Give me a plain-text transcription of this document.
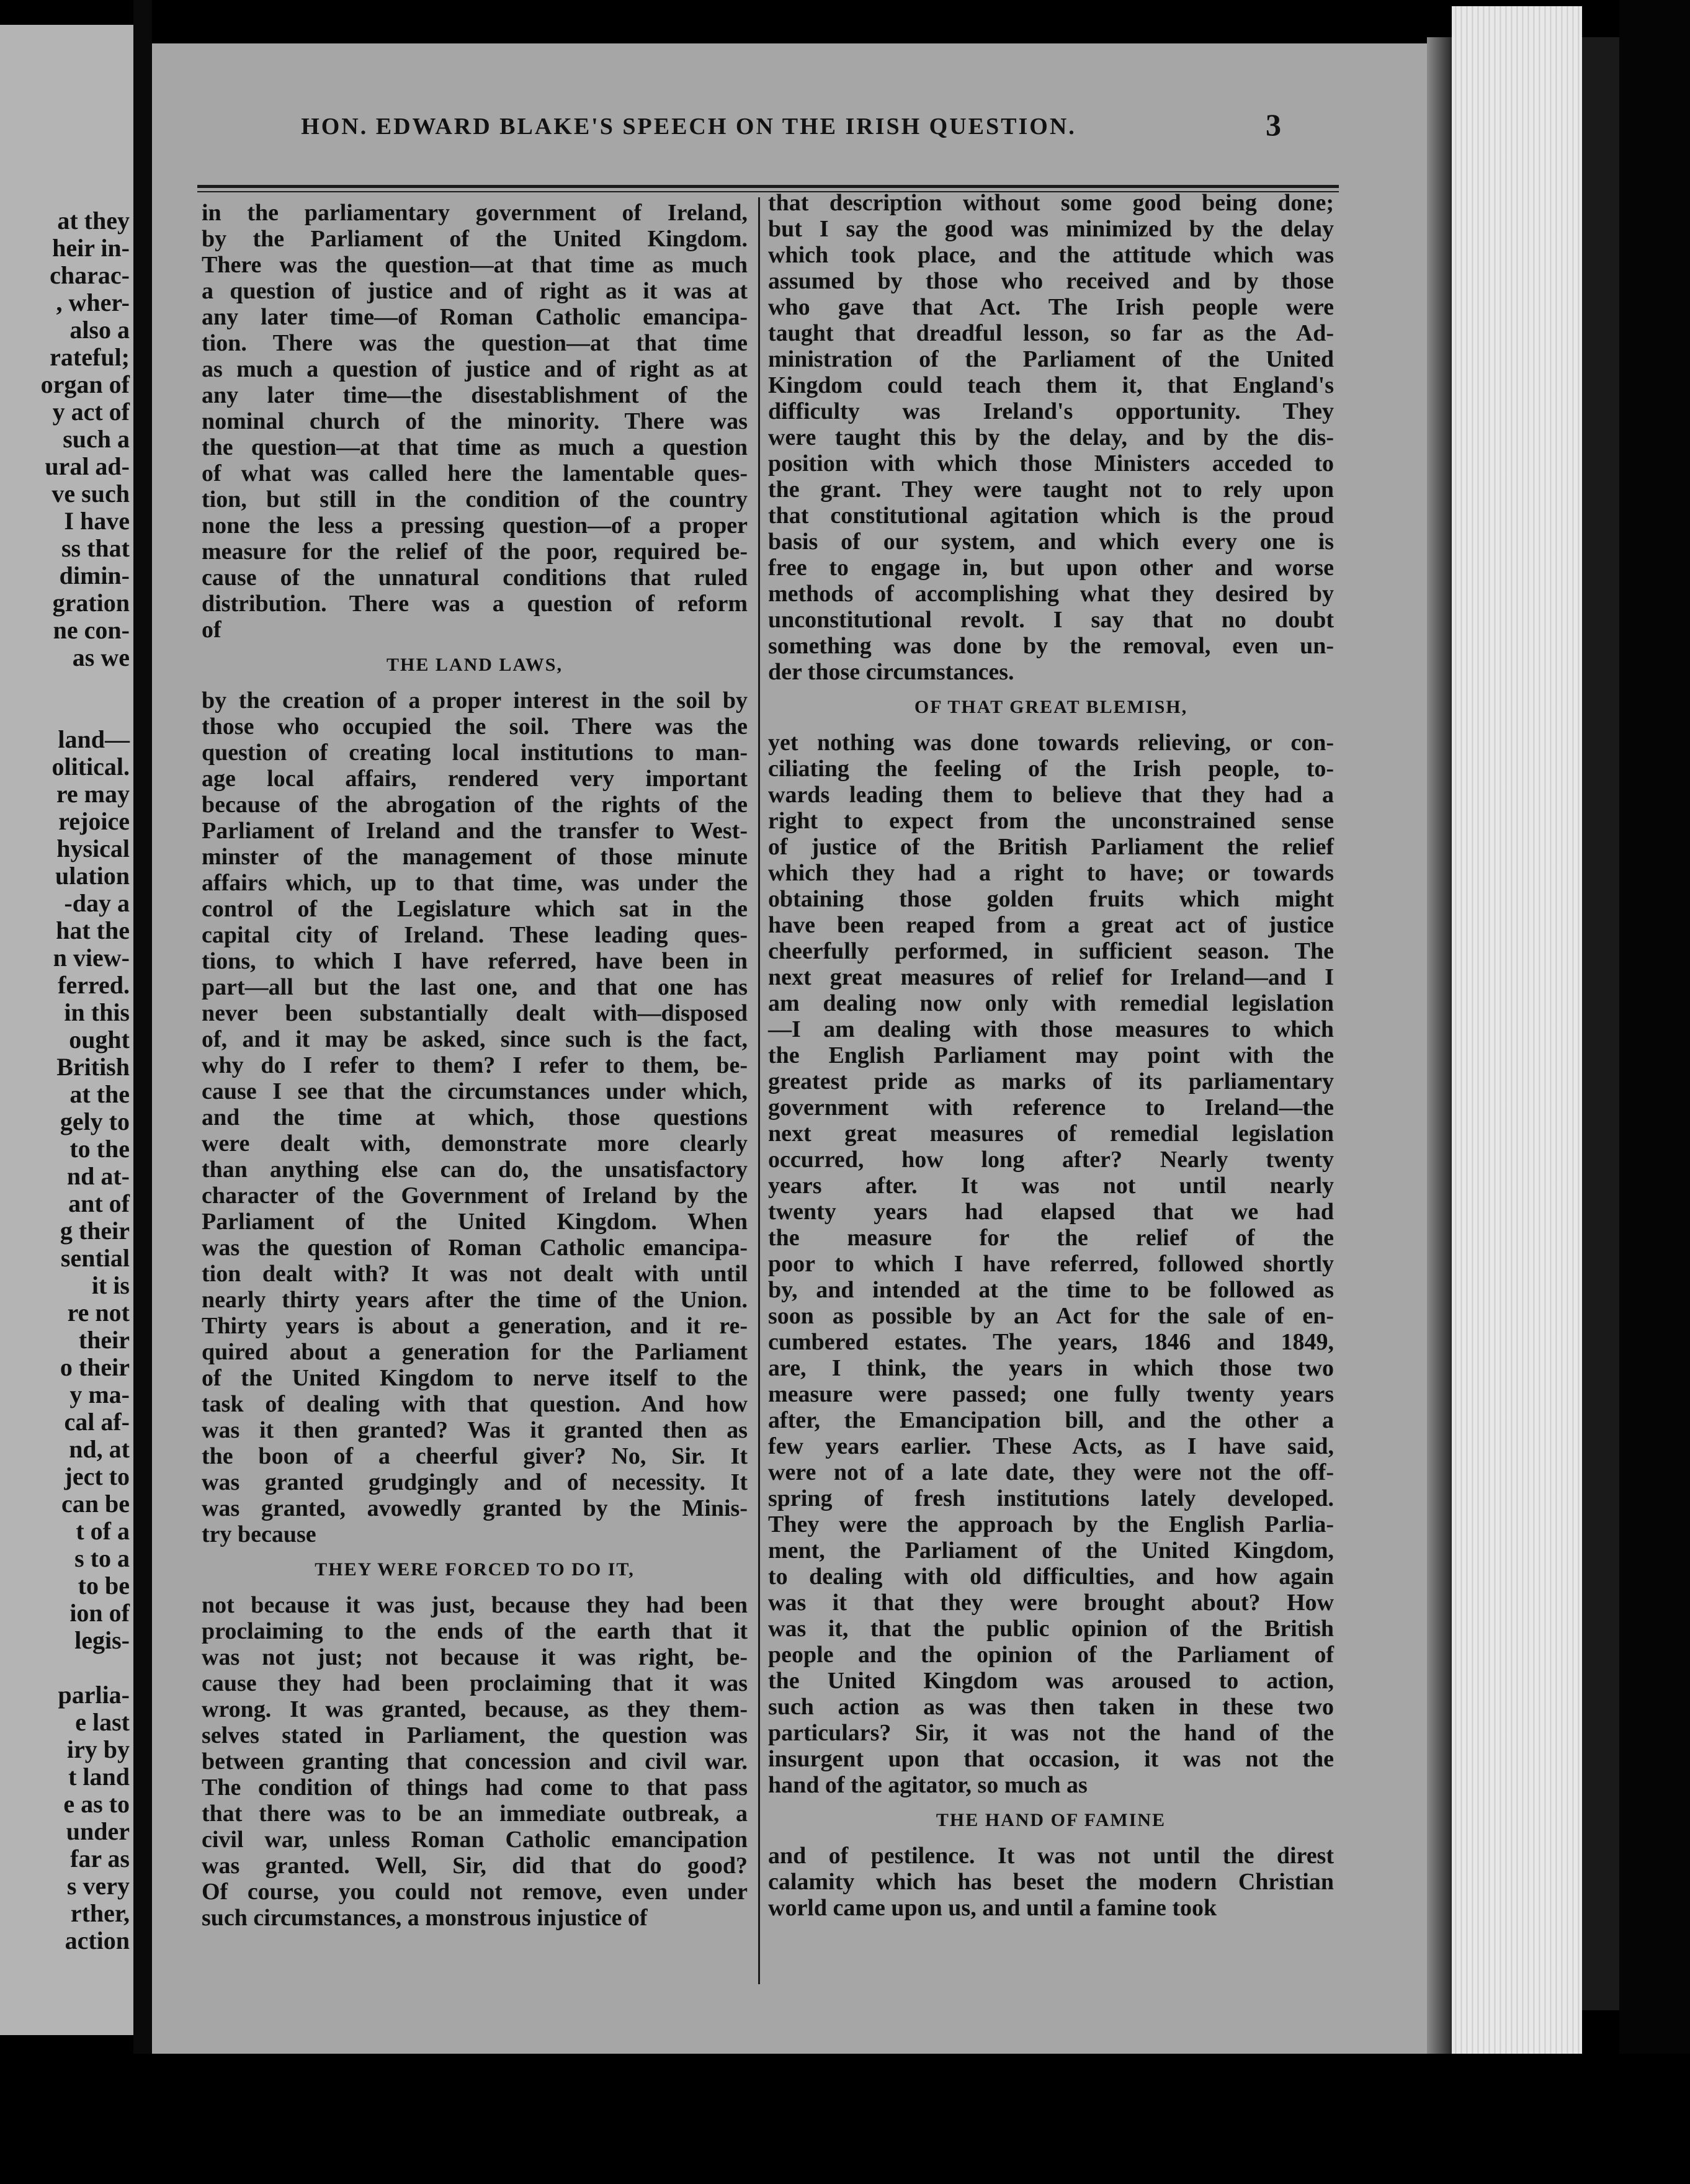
at they
heir in-
charac-
, wher-
also a
rateful;
organ of
y act of
such a
ural ad-
ve such
I have
ss that
dimin-
gration
ne con-
as we
land—
olitical.
re may
rejoice
hysical
ulation
-day a
hat the
n view-
ferred.
in this
ought
British
at the
gely to
to the
nd at-
ant of
g their
sential
it is
re not
their
o their
y ma-
cal af-
nd, at
ject to
can be
t of a
s to a
to be
ion of
legis-
parlia-
e last
iry by
t land
e as to
under
far as
s very
rther,
action
HON. EDWARD BLAKE'S SPEECH ON THE IRISH QUESTION.	3
in the parliamentary government of Ireland,
by the Parliament of the United Kingdom.
There was the question—at that time as much
a question of justice and of right as it was at
any later time—of Roman Catholic emancipa-
tion. There was the question—at that time
as much a question of justice and of right as at
any later time—the disestablishment of the
nominal church of the minority. There was
the question—at that time as much a question
of what was called here the lamentable ques-
tion, but still in the condition of the country
none the less a pressing question—of a proper
measure for the relief of the poor, required be-
cause of the unnatural conditions that ruled
distribution. There was a question of reform
of
THE LAND LAWS,
by the creation of a proper interest in the soil by
those who occupied the soil. There was the
question of creating local institutions to man-
age local affairs, rendered very important
because of the abrogation of the rights of the
Parliament of Ireland and the transfer to West-
minster of the management of those minute
affairs which, up to that time, was under the
control of the Legislature which sat in the
capital city of Ireland. These leading ques-
tions, to which I have referred, have been in
part—all but the last one, and that one has
never been substantially dealt with—disposed
of, and it may be asked, since such is the fact,
why do I refer to them? I refer to them, be-
cause I see that the circumstances under which,
and the time at which, those questions
were dealt with, demonstrate more clearly
than anything else can do, the unsatisfactory
character of the Government of Ireland by the
Parliament of the United Kingdom. When
was the question of Roman Catholic emancipa-
tion dealt with? It was not dealt with until
nearly thirty years after the time of the Union.
Thirty years is about a generation, and it re-
quired about a generation for the Parliament
of the United Kingdom to nerve itself to the
task of dealing with that question. And how
was it then granted? Was it granted then as
the boon of a cheerful giver? No, Sir. It
was granted grudgingly and of necessity. It
was granted, avowedly granted by the Minis-
try because
THEY WERE FORCED TO DO IT,
not because it was just, because they had been
proclaiming to the ends of the earth that it
was not just; not because it was right, be-
cause they had been proclaiming that it was
wrong. It was granted, because, as they them-
selves stated in Parliament, the question was
between granting that concession and civil war.
The condition of things had come to that pass
that there was to be an immediate outbreak, a
civil war, unless Roman Catholic emancipation
was granted. Well, Sir, did that do good?
Of course, you could not remove, even under
such circumstances, a monstrous injustice of
that description without some good being done;
but I say the good was minimized by the delay
which took place, and the attitude which was
assumed by those who received and by those
who gave that Act. The Irish people were
taught that dreadful lesson, so far as the Ad-
ministration of the Parliament of the United
Kingdom could teach them it, that England's
difficulty was Ireland's opportunity. They
were taught this by the delay, and by the dis-
position with which those Ministers acceded to
the grant. They were taught not to rely upon
that constitutional agitation which is the proud
basis of our system, and which every one is
free to engage in, but upon other and worse
methods of accomplishing what they desired by
unconstitutional revolt. I say that no doubt
something was done by the removal, even un-
der those circumstances.
OF THAT GREAT BLEMISH,
yet nothing was done towards relieving, or con-
ciliating the feeling of the Irish people, to-
wards leading them to believe that they had a
right to expect from the unconstrained sense
of justice of the British Parliament the relief
which they had a right to have; or towards
obtaining those golden fruits which might
have been reaped from a great act of justice
cheerfully performed, in sufficient season. The
next great measures of relief for Ireland—and I
am dealing now only with remedial legislation
—I am dealing with those measures to which
the English Parliament may point with the
greatest pride as marks of its parliamentary
government with reference to Ireland—the
next great measures of remedial legislation
occurred, how long after? Nearly twenty
years after. It was not until nearly
twenty years had elapsed that we had
the measure for the relief of the
poor to which I have referred, followed shortly
by, and intended at the time to be followed as
soon as possible by an Act for the sale of en-
cumbered estates. The years, 1846 and 1849,
are, I think, the years in which those two
measure were passed; one fully twenty years
after, the Emancipation bill, and the other a
few years earlier. These Acts, as I have said,
were not of a late date, they were not the off-
spring of fresh institutions lately developed.
They were the approach by the English Parlia-
ment, the Parliament of the United Kingdom,
to dealing with old difficulties, and how again
was it that they were brought about? How
was it, that the public opinion of the British
people and the opinion of the Parliament of
the United Kingdom was aroused to action,
such action as was then taken in these two
particulars? Sir, it was not the hand of the
insurgent upon that occasion, it was not the
hand of the agitator, so much as
THE HAND OF FAMINE
and of pestilence. It was not until the direst
calamity which has beset the modern Christian
world came upon us, and until a famine took
